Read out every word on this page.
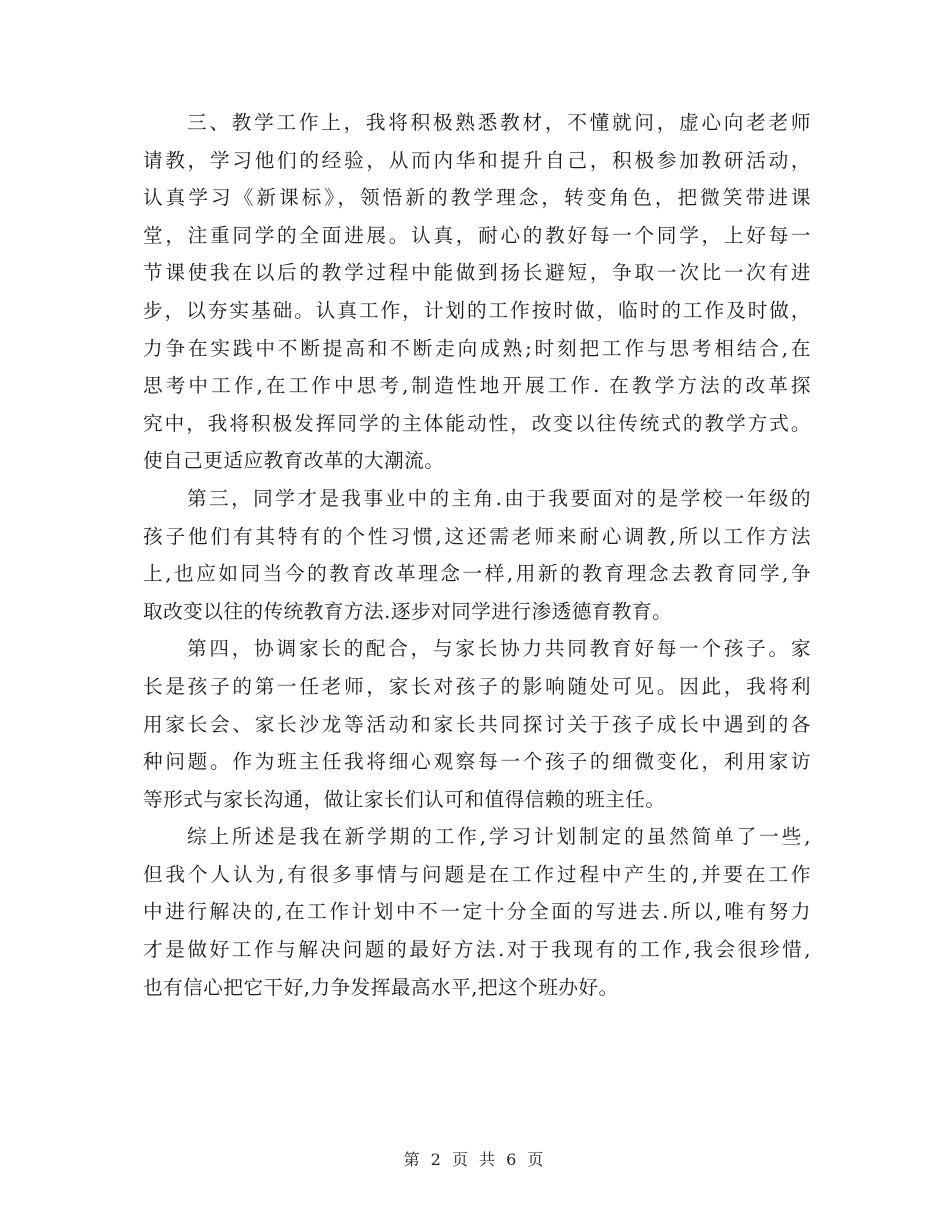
三、教学工作上，我将积极熟悉教材，不懂就问，虚心向老老师
请教，学习他们的经验，从而内华和提升自己，积极参加教研活动，
认真学习《新课标》，领悟新的教学理念，转变角色，把微笑带进课
堂，注重同学的全面进展。认真，耐心的教好每一个同学，上好每一
节课使我在以后的教学过程中能做到扬长避短，争取一次比一次有进
步，以夯实基础。认真工作，计划的工作按时做，临时的工作及时做，
力争在实践中不断提高和不断走向成熟;时刻把工作与思考相结合,在
思考中工作,在工作中思考,制造性地开展工作. 在教学方法的改革探
究中，我将积极发挥同学的主体能动性，改变以往传统式的教学方式。
使自己更适应教育改革的大潮流。
第三，同学才是我事业中的主角.由于我要面对的是学校一年级的
孩子他们有其特有的个性习惯,这还需老师来耐心调教,所以工作方法
上,也应如同当今的教育改革理念一样,用新的教育理念去教育同学,争
取改变以往的传统教育方法.逐步对同学进行渗透德育教育。
第四，协调家长的配合，与家长协力共同教育好每一个孩子。家
长是孩子的第一任老师，家长对孩子的影响随处可见。因此，我将利
用家长会、家长沙龙等活动和家长共同探讨关于孩子成长中遇到的各
种问题。作为班主任我将细心观察每一个孩子的细微变化，利用家访
等形式与家长沟通，做让家长们认可和值得信赖的班主任。
综上所述是我在新学期的工作,学习计划制定的虽然简单了一些,
但我个人认为,有很多事情与问题是在工作过程中产生的,并要在工作
中进行解决的,在工作计划中不一定十分全面的写进去.所以,唯有努力
才是做好工作与解决问题的最好方法.对于我现有的工作,我会很珍惜,
也有信心把它干好,力争发挥最高水平,把这个班办好。
第 2 页 共 6 页
